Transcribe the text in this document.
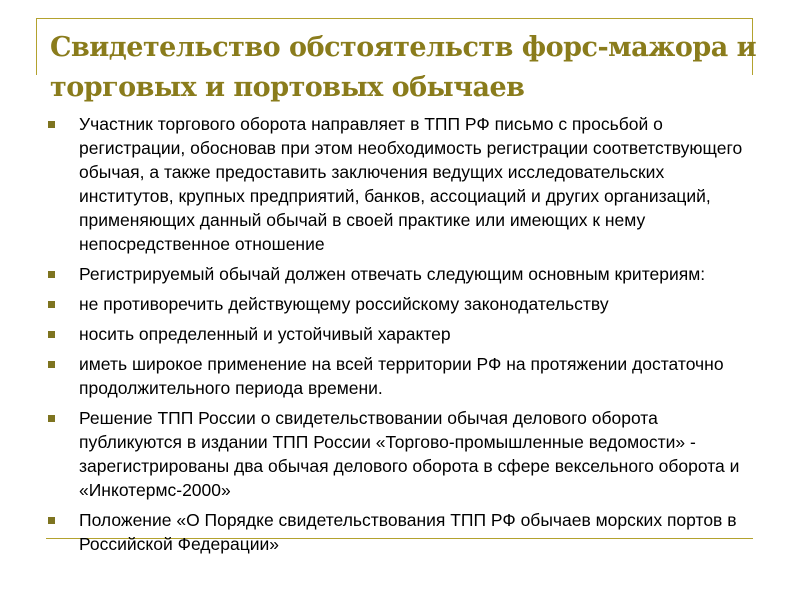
Свидетельство обстоятельств форс-мажора и торговых и портовых обычаев
Участник торгового оборота направляет в ТПП РФ письмо с просьбой о регистрации, обосновав при этом необходимость регистрации соответствующего обычая, а также предоставить заключения ведущих исследовательских институтов, крупных предприятий, банков, ассоциаций и других организаций, применяющих данный обычай в своей практике или имеющих к нему непосредственное отношение
Регистрируемый обычай должен отвечать следующим основным критериям:
не противоречить действующему российскому законодательству
носить определенный и устойчивый характер
иметь широкое применение на всей территории РФ на протяжении достаточно продолжительного периода времени.
Решение ТПП России о свидетельствовании обычая делового оборота публикуются в издании ТПП России «Торгово-промышленные ведомости» - зарегистрированы два обычая делового оборота в сфере вексельного оборота и «Инкотермс-2000»
Положение «О Порядке свидетельствования ТПП РФ обычаев морских портов в Российской Федерации»
